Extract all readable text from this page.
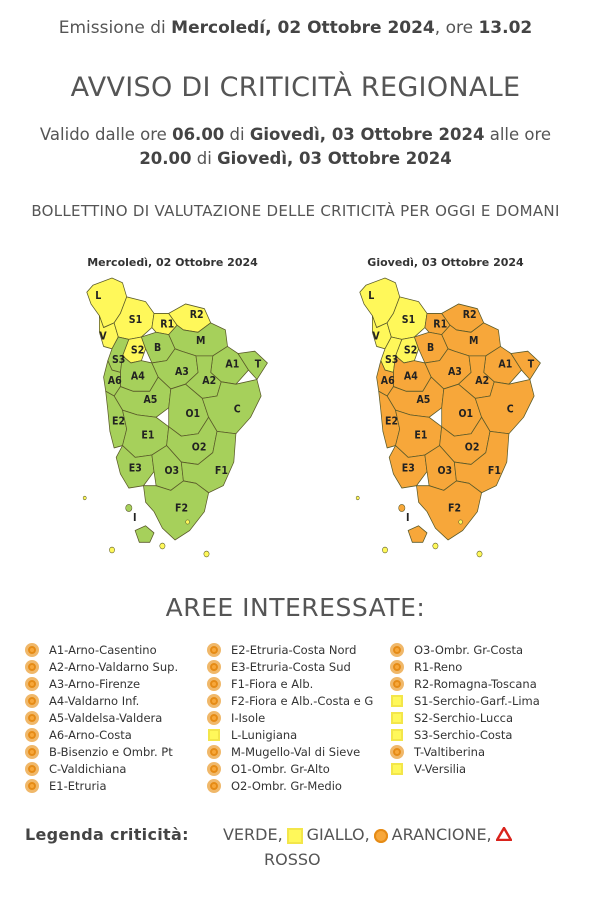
Emissione di Mercoledí, 02 Ottobre 2024, ore 13.02
AVVISO DI CRITICITÀ REGIONALE
Valido dalle ore 06.00 di Giovedì, 03 Ottobre 2024 alle ore
20.00 di Giovedì, 03 Ottobre 2024
BOLLETTINO DI VALUTAZIONE DELLE CRITICITÀ PER OGGI E DOMANI
Mercoledì, 02 Ottobre 2024
L
V
S1
S2
S3
R1
R2
M
B
A4	A3
A1 T
A2
A5
A6
O1	C
E2
E1
I
O2
E3	O3	F1
F2
Giovedì, 03 Ottobre 2024
L
V
S1
S2
S3
R1
R2
M
B
A4	A3
A1 T
A2
A5
A6
O1	C
E2
E1
I
O2
E3	O3	F1
F2
AREE INTERESSATE:
A1-Arno-Casentino
A2-Arno-Valdarno Sup.
A3-Arno-Firenze
A4-Valdarno Inf.
A5-Valdelsa-Valdera
A6-Arno-Costa
B-Bisenzio e Ombr. Pt
C-Valdichiana
E1-Etruria
E2-Etruria-Costa Nord
E3-Etruria-Costa Sud
F1-Fiora e Alb.
F2-Fiora e Alb.-Costa e G
I-Isole
L-Lunigiana
M-Mugello-Val di Sieve
O1-Ombr. Gr-Alto
O2-Ombr. Gr-Medio
O3-Ombr. Gr-Costa
R1-Reno
R2-Romagna-Toscana
S1-Serchio-Garf.-Lima
S2-Serchio-Lucca
S3-Serchio-Costa
T-Valtiberina
V-Versilia
Legenda criticità: VERDE, GIALLO, ARANCIONE,
ROSSO
